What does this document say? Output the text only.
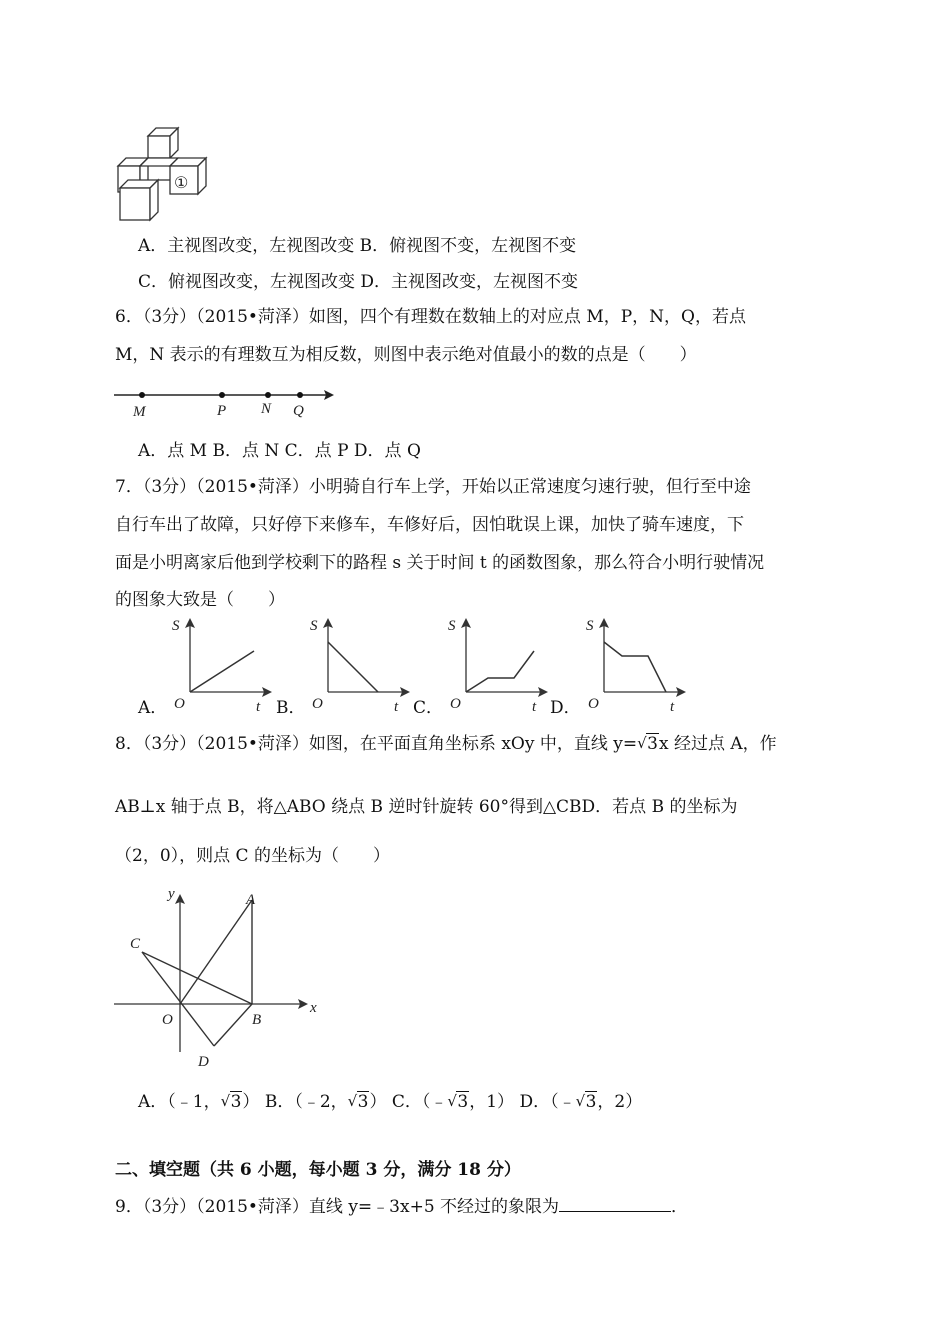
①
A．主视图改变，左视图改变 B．俯视图不变，左视图不变
C．俯视图改变，左视图改变 D．主视图改变，左视图不变
6．（3分）（2015•菏泽）如图，四个有理数在数轴上的对应点 M，P，N，Q，若点
M，N 表示的有理数互为相反数，则图中表示绝对值最小的数的点是（　　）
M	P N Q
A．点 M B．点 N C．点 P D．点 Q
7．（3分）（2015•菏泽）小明骑自行车上学，开始以正常速度匀速行驶，但行至中途
自行车出了故障，只好停下来修车，车修好后，因怕耽误上课，加快了骑车速度，下
面是小明离家后他到学校剩下的路程 s 关于时间 t 的函数图象，那么符合小明行驶情况
的图象大致是（　　）
A．
S
O	t B．
S
O	t C．
S
O	t D．
S
O	t
8．（3分）（2015•菏泽）如图，在平面直角坐标系 xOy 中，直线 y= √ 3x 经过点 A，作
AB⊥x 轴于点 B，将△ABO 绕点 B 逆时针旋转 60°得到△CBD．若点 B 的坐标为
（2，0），则点 C 的坐标为（　　）
y
x
A
B
C
D
O
A．（﹣1， √ 3） B．（﹣2， √ 3） C．（﹣ √ 3，1） D．（﹣ √ 3，2）
二、填空题（共 6 小题，每小题 3 分，满分 18 分）
9．（3分）（2015•菏泽）直线 y=﹣3x+5 不经过的象限为	．
